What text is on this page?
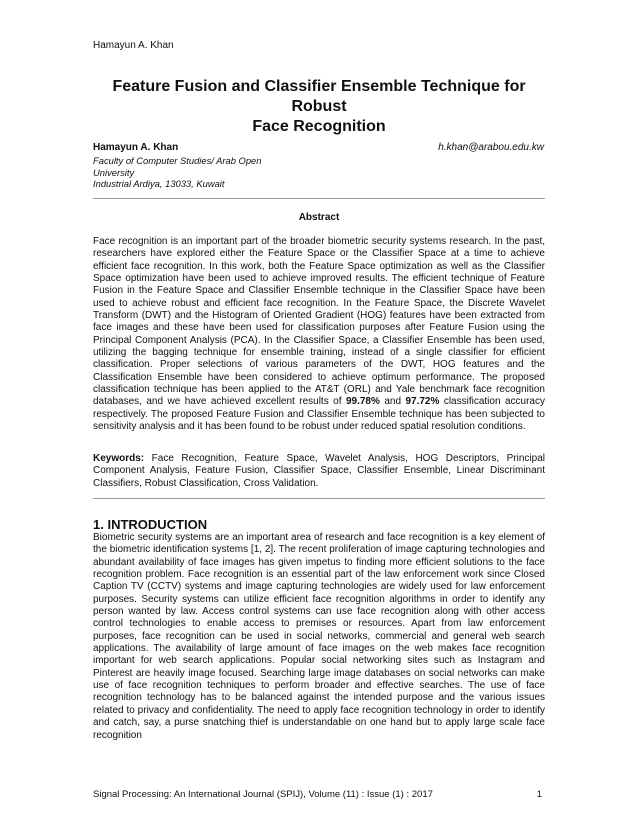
Hamayun A. Khan
Feature Fusion and Classifier Ensemble Technique for Robust
Face Recognition
Hamayun A. Khan	h.khan@arabou.edu.kw
Faculty of Computer Studies/ Arab Open
University
Industrial Ardiya, 13033, Kuwait
Abstract

Face recognition is an important part of the broader biometric security systems research. In the past, researchers have explored either the Feature Space or the Classifier Space at a time to achieve efficient face recognition. In this work, both the Feature Space optimization as well as the Classifier Space optimization have been used to achieve improved results. The efficient technique of Feature Fusion in the Feature Space and Classifier Ensemble technique in the Classifier Space have been used to achieve robust and efficient face recognition. In the Feature Space, the Discrete Wavelet Transform (DWT) and the Histogram of Oriented Gradient (HOG) features have been extracted from face images and these have been used for classification purposes after Feature Fusion using the Principal Component Analysis (PCA). In the Classifier Space, a Classifier Ensemble has been used, utilizing the bagging technique for ensemble training, instead of a single classifier for efficient classification. Proper selections of various parameters of the DWT, HOG features and the Classification Ensemble have been considered to achieve optimum performance. The proposed classification technique has been applied to the AT&T (ORL) and Yale benchmark face recognition databases, and we have achieved excellent results of 99.78% and 97.72% classification accuracy respectively. The proposed Feature Fusion and Classifier Ensemble technique has been subjected to sensitivity analysis and it has been found to be robust under reduced spatial resolution conditions.

Keywords: Face Recognition, Feature Space, Wavelet Analysis, HOG Descriptors, Principal Component Analysis, Feature Fusion, Classifier Space, Classifier Ensemble, Linear Discriminant Classifiers, Robust Classification, Cross Validation.

1. INTRODUCTION

Biometric security systems are an important area of research and face recognition is a key element of the biometric identification systems [1, 2]. The recent proliferation of image capturing technologies and abundant availability of face images has given impetus to finding more efficient solutions to the face recognition problem. Face recognition is an essential part of the law enforcement work since Closed Caption TV (CCTV) systems and image capturing technologies are widely used for law enforcement purposes. Security systems can utilize efficient face recognition algorithms in order to identify any person wanted by law. Access control systems can use face recognition along with other access control technologies to enable access to premises or resources. Apart from law enforcement purposes, face recognition can be used in social networks, commercial and general web search applications. The availability of large amount of face images on the web makes face recognition important for web search applications. Popular social networking sites such as Instagram and Pinterest are heavily image focused. Searching large image databases on social networks can make use of face recognition techniques to perform broader and effective searches. The use of face recognition technology has to be balanced against the intended purpose and the various issues related to privacy and confidentiality. The need to apply face recognition technology in order to identify and catch, say, a purse snatching thief is understandable on one hand but to apply large scale face recognition

Signal Processing: An International Journal (SPIJ), Volume (11) : Issue (1) : 2017	1
